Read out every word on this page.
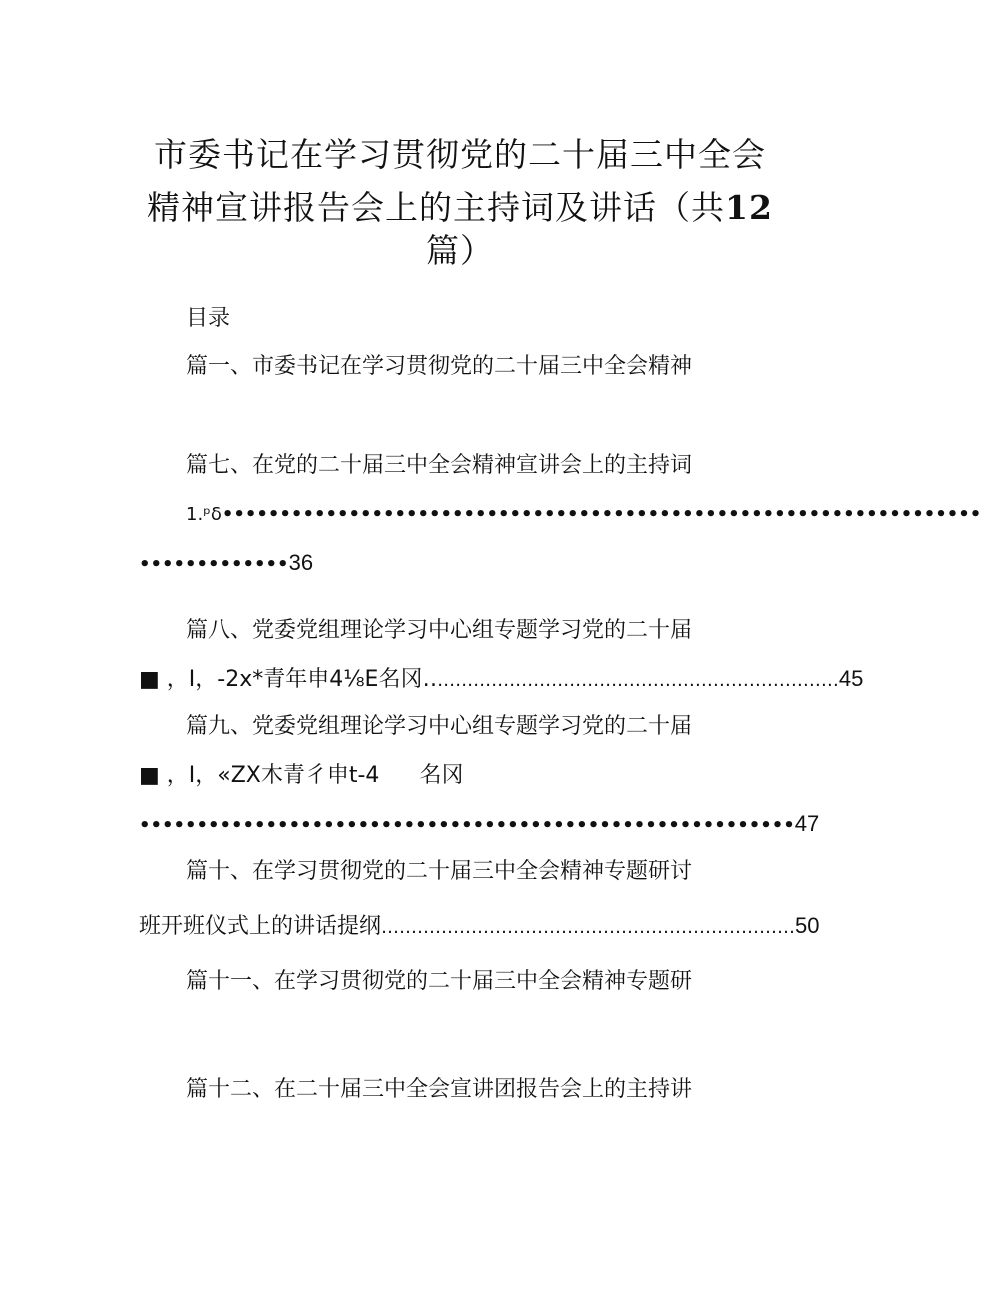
市委书记在学习贯彻党的二十届三中全会
精神宣讲报告会上的主持词及讲话（共12
篇）
目录
篇一、市委书记在学习贯彻党的二十届三中全会精神
篇七、在党的二十届三中全会精神宣讲会上的主持词
1.ᵖδ••••••••••••••••••••••••••••••••••••••••••••••••••••••••••••••••••
•••••••••••••36
篇八、党委党组理论学习中心组专题学习党的二十届
■ ，I，-2x*青年申4⅛E名冈‥………………………….………………………………45
篇九、党委党组理论学习中心组专题学习党的二十届
■ ，I，«ZX木青彳申t-4 名冈
•••••••••••••••••••••••••••••••••••••••••••••••••••••••••47
篇十、在学习贯彻党的二十届三中全会精神专题研讨
班开班仪式上的讲话提纲……………………………………………………………50
篇十一、在学习贯彻党的二十届三中全会精神专题研
篇十二、在二十届三中全会宣讲团报告会上的主持讲
